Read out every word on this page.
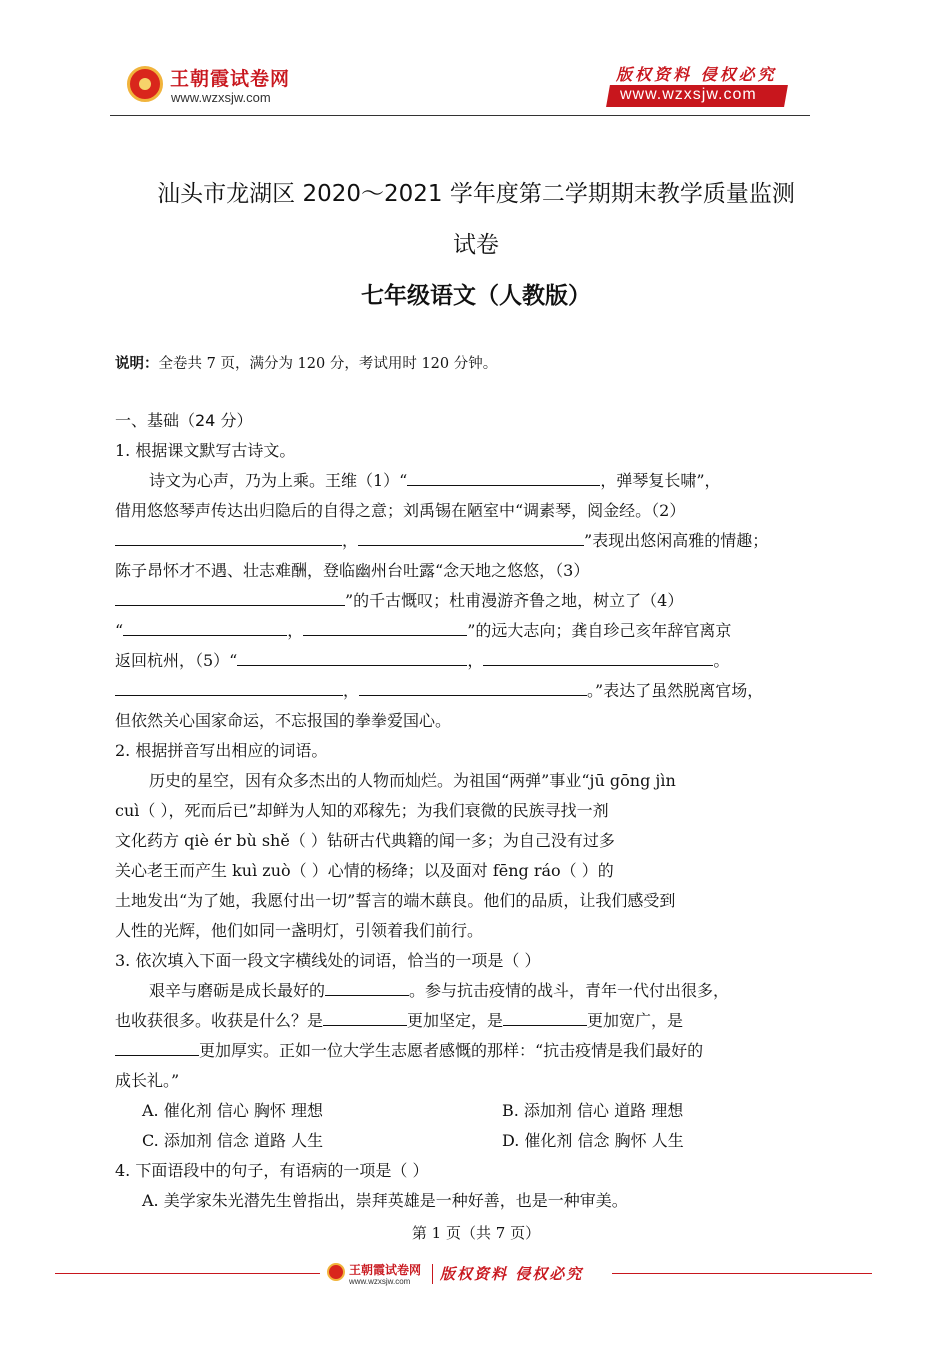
王朝霞试卷网
www.wzxsjw.com
版权资料 侵权必究
www.wzxsjw.com
汕头市龙湖区 2020～2021 学年度第二学期期末教学质量监测
试卷
七年级语文（人教版）
说明：全卷共 7 页，满分为 120 分，考试用时 120 分钟。
一、基础（24 分）
1. 根据课文默写古诗文。
诗文为心声，乃为上乘。王维（1）“	，弹琴复长啸”，
借用悠悠琴声传达出归隐后的自得之意；刘禹锡在陋室中“调素琴，阅金经。（2）
，	”表现出悠闲高雅的情趣；
陈子昂怀才不遇、壮志难酬，登临幽州台吐露“念天地之悠悠，（3）
”的千古慨叹；杜甫漫游齐鲁之地，树立了（4）
“	，	”的远大志向；龚自珍己亥年辞官离京
返回杭州，（5）“	，	。
，	。”表达了虽然脱离官场，
但依然关心国家命运，不忘报国的拳拳爱国心。
2. 根据拼音写出相应的词语。
历史的星空，因有众多杰出的人物而灿烂。为祖国“两弹”事业“jū gōng jìn
cuì（ ），死而后已”却鲜为人知的邓稼先；为我们衰微的民族寻找一剂
文化药方 qiè ér bù shě（ ）钻研古代典籍的闻一多；为自己没有过多
关心老王而产生 kuì zuò（ ）心情的杨绛；以及面对 fēng ráo（ ）的
土地发出“为了她，我愿付出一切”誓言的端木蕻良。他们的品质，让我们感受到
人性的光辉，他们如同一盏明灯，引领着我们前行。
3. 依次填入下面一段文字横线处的词语，恰当的一项是（ ）
艰辛与磨砺是成长最好的	。参与抗击疫情的战斗，青年一代付出很多，
也收获很多。收获是什么？是	更加坚定，是	更加宽广，是
更加厚实。正如一位大学生志愿者感慨的那样：“抗击疫情是我们最好的
成长礼。”
A. 催化剂 信心 胸怀 理想	B. 添加剂 信心 道路 理想
C. 添加剂 信念 道路 人生	D. 催化剂 信念 胸怀 人生
4. 下面语段中的句子，有语病的一项是（ ）
A. 美学家朱光潜先生曾指出，崇拜英雄是一种好善，也是一种审美。
第 1 页（共 7 页）
王朝霞试卷网
www.wzxsjw.com 版权资料 侵权必究
